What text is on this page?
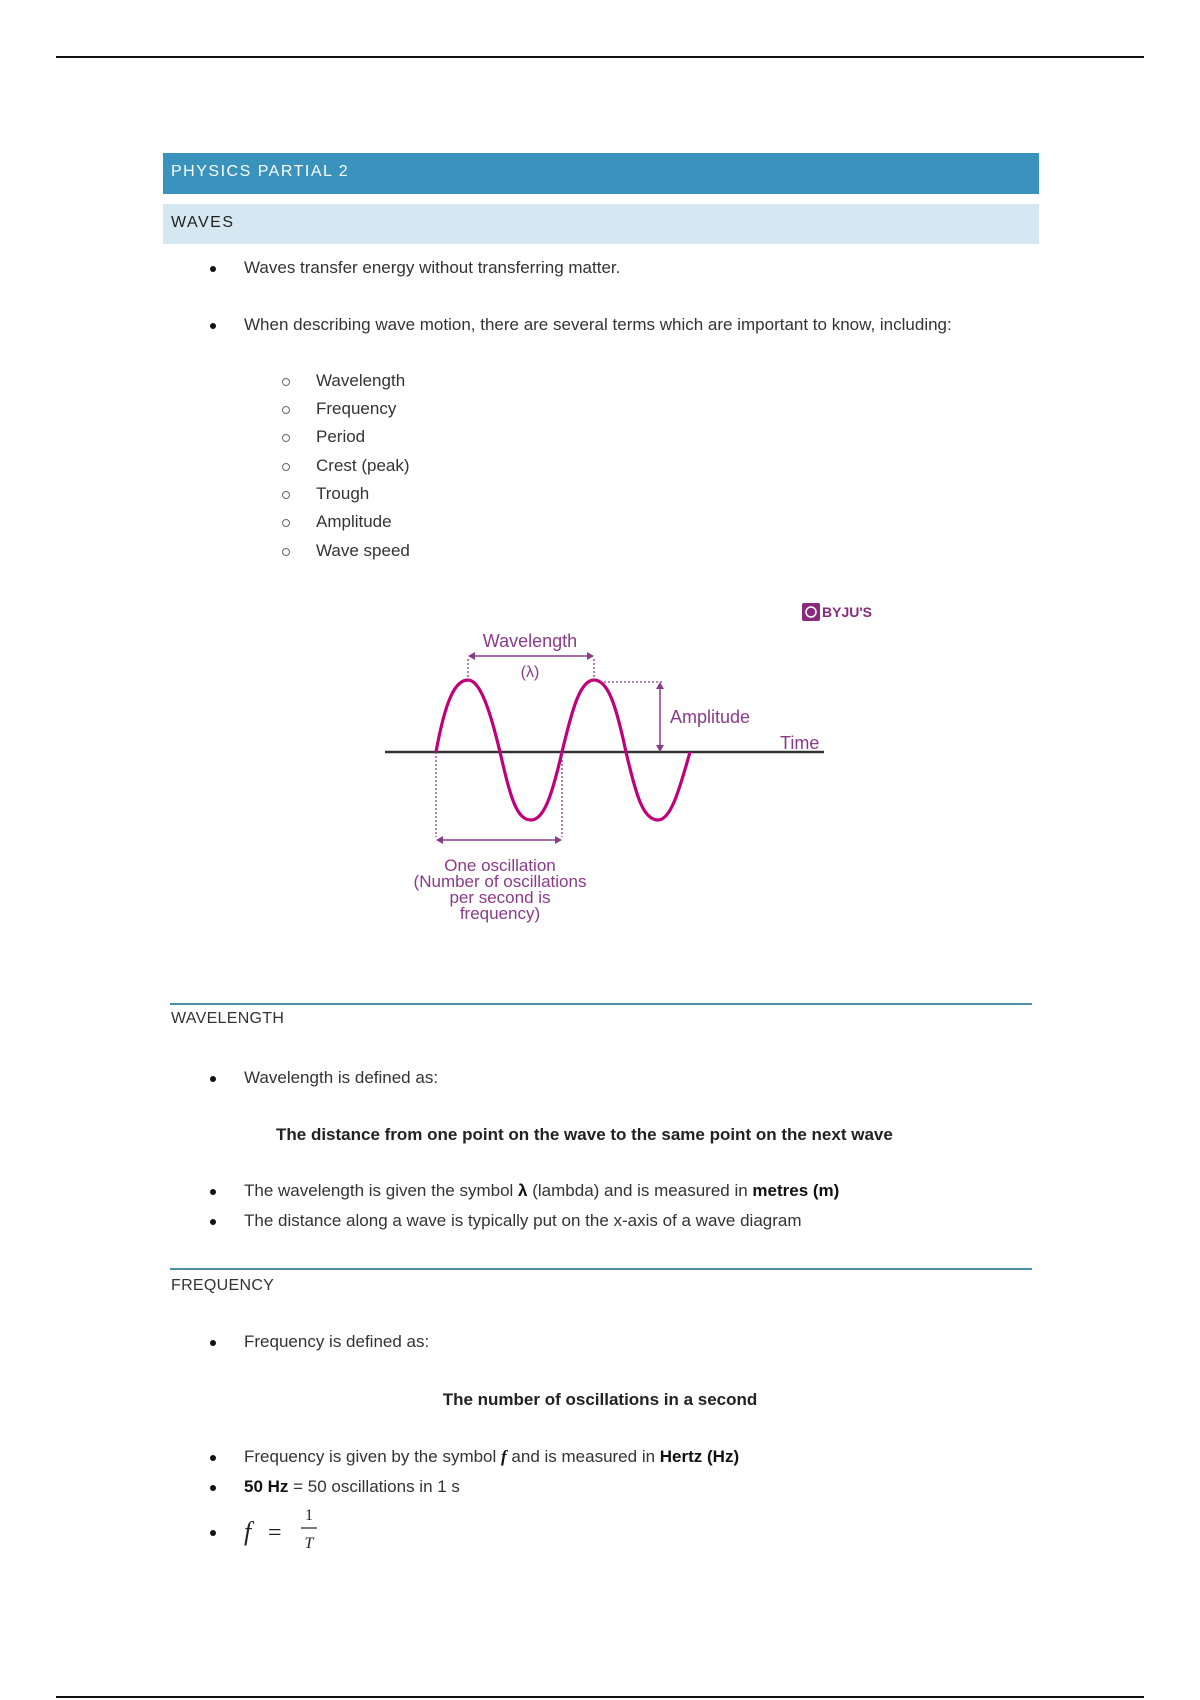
PHYSICS PARTIAL 2
WAVES
Waves transfer energy without transferring matter.
When describing wave motion, there are several terms which are important to know, including:
Wavelength
Frequency
Period
Crest (peak)
Trough
Amplitude
Wave speed
BYJU'S
Time
Wavelength
(λ)
Amplitude
One oscillation
(Number of oscillations
per second is
frequency)
WAVELENGTH
Wavelength is defined as:
The distance from one point on the wave to the same point on the next wave
The wavelength is given the symbol λ (lambda) and is measured in metres (m)
The distance along a wave is typically put on the x-axis of a wave diagram
FREQUENCY
Frequency is defined as:
The number of oscillations in a second
Frequency is given by the symbol f and is measured in Hertz (Hz)
50 Hz = 50 oscillations in 1 s
f =
1
T
